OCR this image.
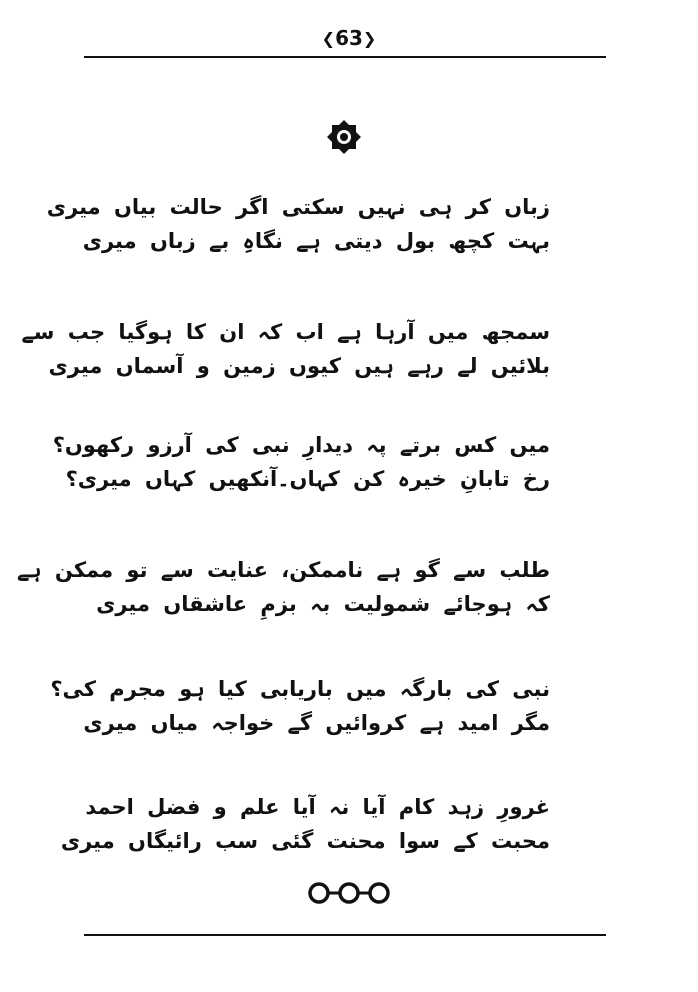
❮63❯
زباں کر ہی نہیں سکتی اگر حالت بیاں میری
بہت کچھ بول دیتی ہے نگاہِ بے زباں میری
سمجھ میں آرہا ہے اب کہ ان کا ہوگیا جب سے
بلائیں لے رہے ہیں کیوں زمین و آسماں میری
میں کس برتے پہ دیدارِ نبی کی آرزو رکھوں؟
رخ تابانِ خیرہ کن کہاں۔آنکھیں کہاں میری؟
طلب سے گو ہے ناممکن، عنایت سے تو ممکن ہے
کہ ہوجائے شمولیت بہ بزمِ عاشقاں میری
نبی کی بارگہ میں باریابی کیا ہو مجرم کی؟
مگر امید ہے کروائیں گے خواجہ میاں میری
غرورِ زہد کام آیا نہ آیا علم و فضل احمد
محبت کے سوا محنت گئی سب رائیگاں میری
